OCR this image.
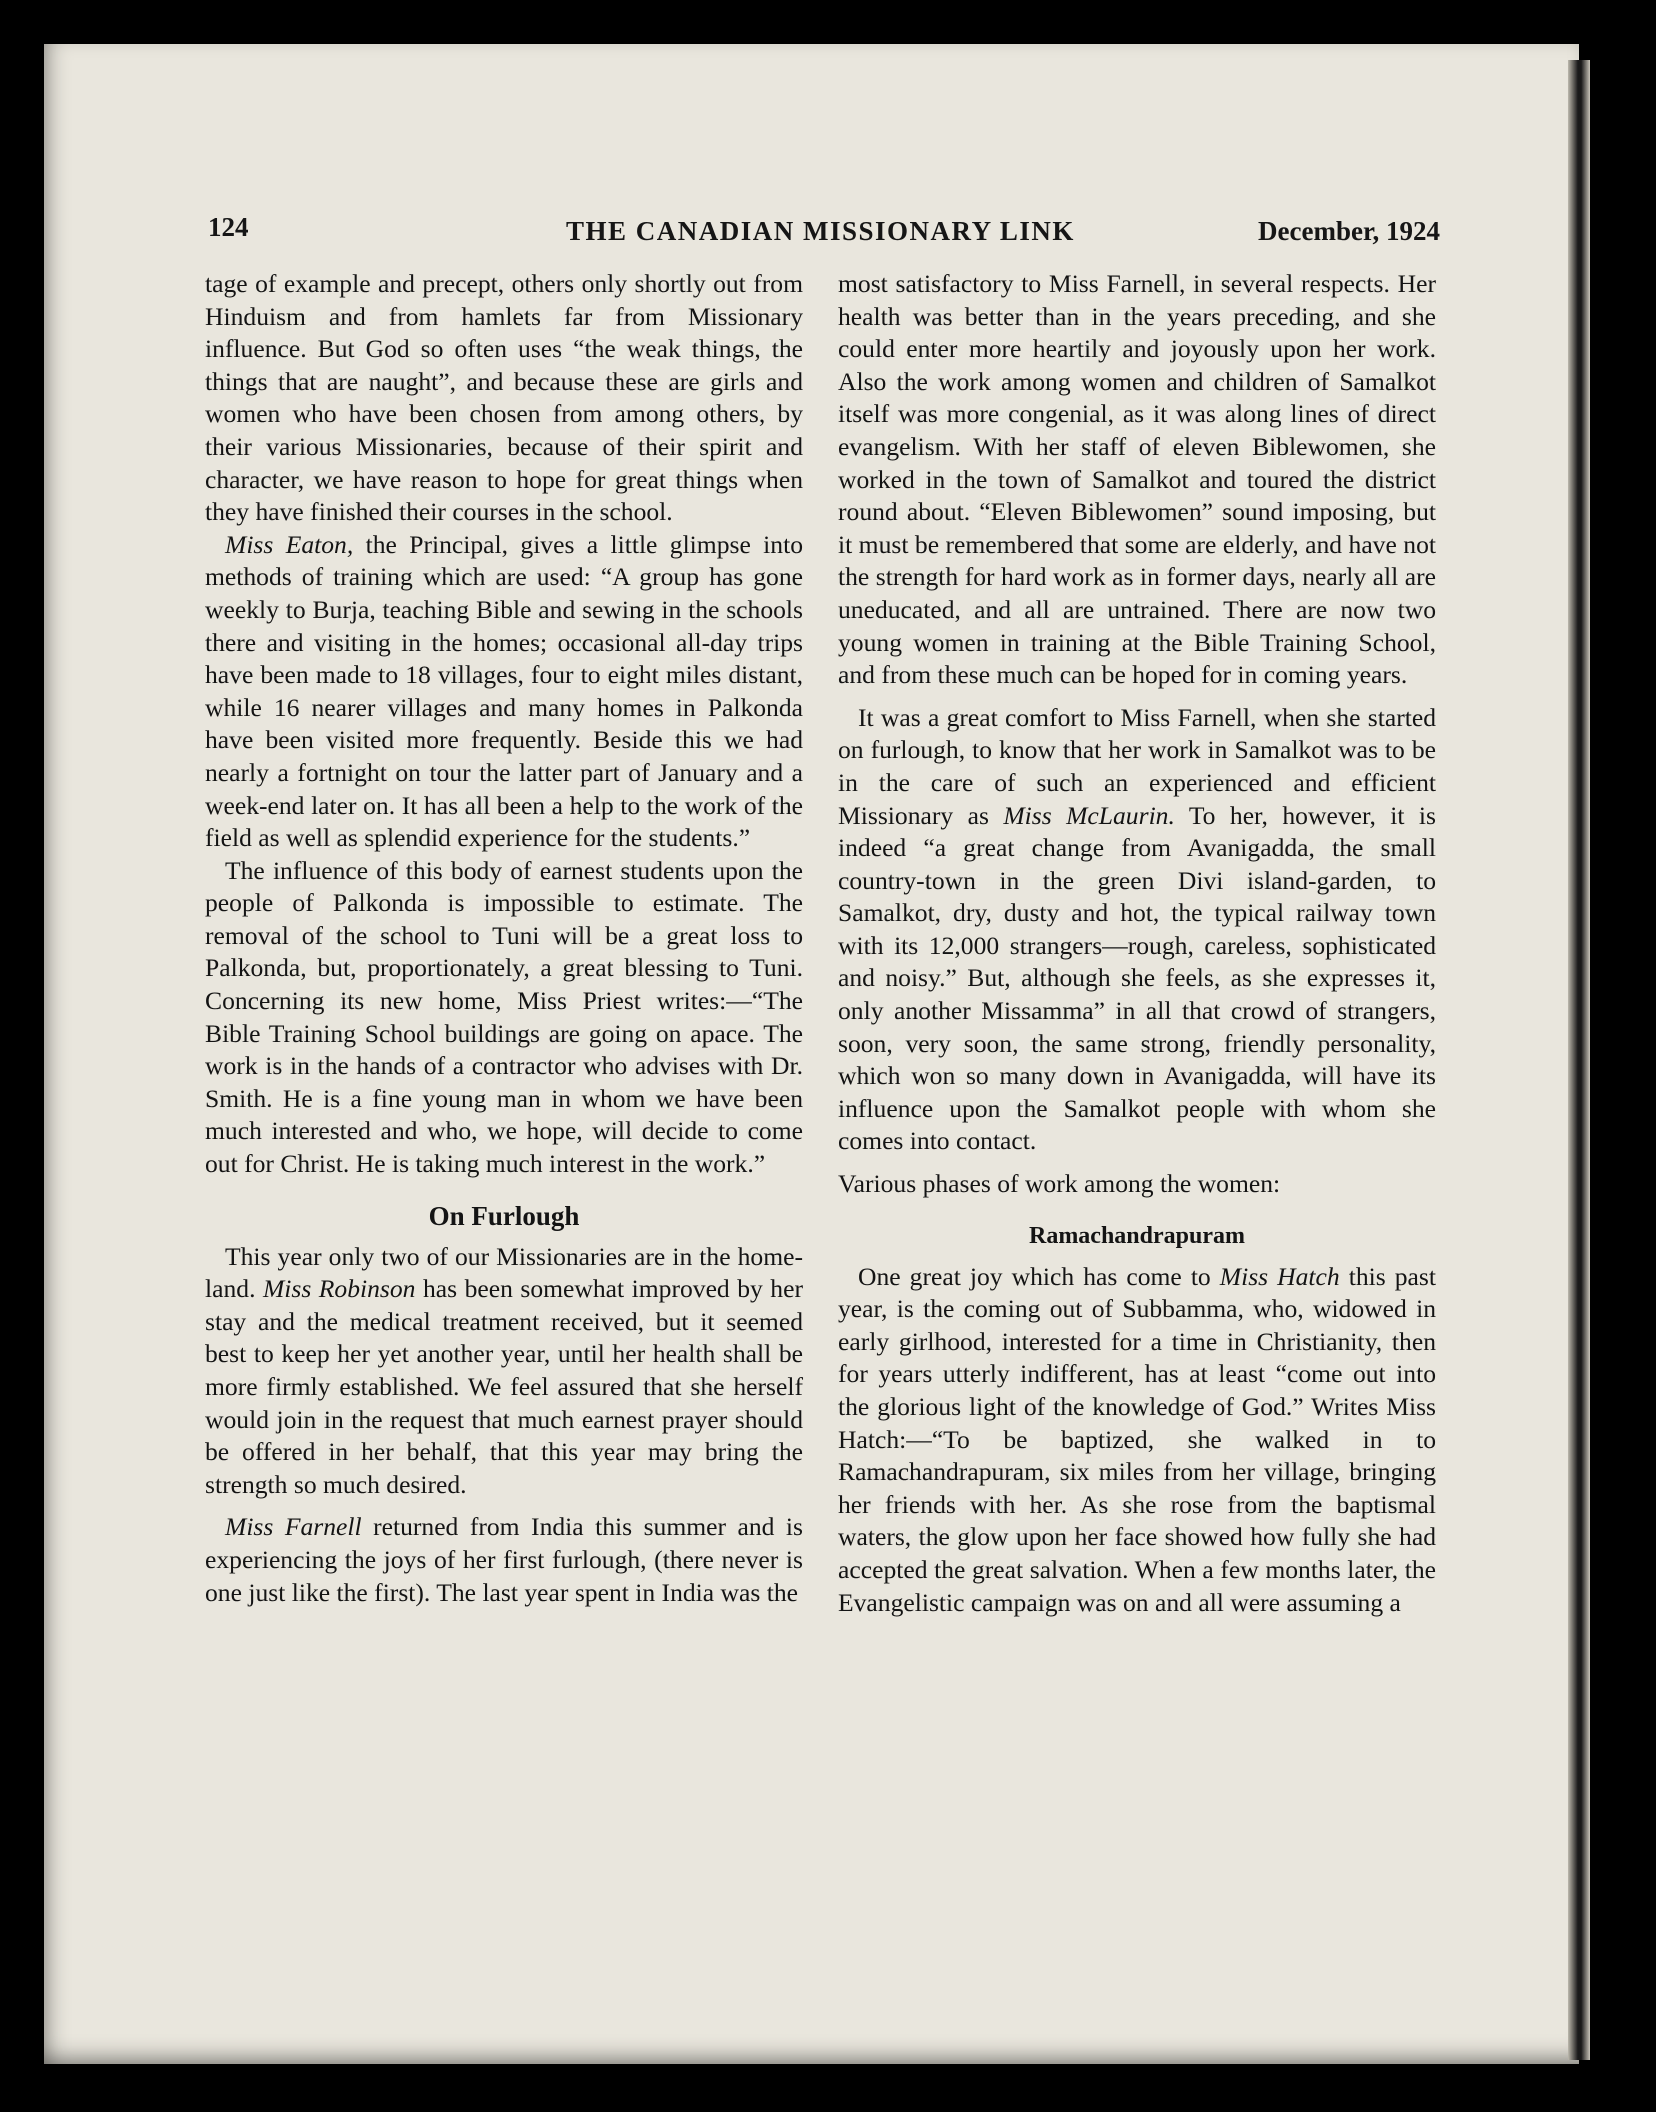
124	THE CANADIAN MISSIONARY LINK	December, 1924

tage of example and precept, others only shortly out from Hinduism and from hamlets far from Missionary influence. But God so often uses “the weak things, the things that are naught”, and because these are girls and women who have been chosen from among others, by their various Missionaries, because of their spirit and character, we have reason to hope for great things when they have finished their courses in the school.

Miss Eaton, the Principal, gives a little glimpse into methods of training which are used: “A group has gone weekly to Burja, teaching Bible and sewing in the schools there and visiting in the homes; occasional all-day trips have been made to 18 villages, four to eight miles distant, while 16 nearer villages and many homes in Palkonda have been visited more frequently. Beside this we had nearly a fortnight on tour the latter part of January and a week-end later on. It has all been a help to the work of the field as well as splendid experience for the students.”

The influence of this body of earnest students upon the people of Palkonda is impossible to estimate. The removal of the school to Tuni will be a great loss to Palkonda, but, proportionately, a great blessing to Tuni. Concerning its new home, Miss Priest writes:—“The Bible Training School buildings are going on apace. The work is in the hands of a contractor who advises with Dr. Smith. He is a fine young man in whom we have been much interested and who, we hope, will decide to come out for Christ. He is taking much interest in the work.”

On Furlough

This year only two of our Missionaries are in the home-land. Miss Robinson has been somewhat improved by her stay and the medical treatment received, but it seemed best to keep her yet another year, until her health shall be more firmly established. We feel assured that she herself would join in the request that much earnest prayer should be offered in her behalf, that this year may bring the strength so much desired.

Miss Farnell returned from India this summer and is experiencing the joys of her first furlough, (there never is one just like the first). The last year spent in India was the

most satisfactory to Miss Farnell, in several respects. Her health was better than in the years preceding, and she could enter more heartily and joyously upon her work. Also the work among women and children of Samalkot itself was more congenial, as it was along lines of direct evangelism. With her staff of eleven Biblewomen, she worked in the town of Samalkot and toured the district round about. “Eleven Biblewomen” sound imposing, but it must be remembered that some are elderly, and have not the strength for hard work as in former days, nearly all are uneducated, and all are untrained. There are now two young women in training at the Bible Training School, and from these much can be hoped for in coming years.

It was a great comfort to Miss Farnell, when she started on furlough, to know that her work in Samalkot was to be in the care of such an experienced and efficient Missionary as Miss McLaurin. To her, however, it is indeed “a great change from Avanigadda, the small country-town in the green Divi island-garden, to Samalkot, dry, dusty and hot, the typical railway town with its 12,000 strangers—rough, careless, sophisticated and noisy.” But, although she feels, as she expresses it, only another Missamma” in all that crowd of strangers, soon, very soon, the same strong, friendly personality, which won so many down in Avanigadda, will have its influence upon the Samalkot people with whom she comes into contact.

Various phases of work among the women:

Ramachandrapuram

One great joy which has come to Miss Hatch this past year, is the coming out of Subbamma, who, widowed in early girlhood, interested for a time in Christianity, then for years utterly indifferent, has at least “come out into the glorious light of the knowledge of God.” Writes Miss Hatch:—“To be baptized, she walked in to Ramachandrapuram, six miles from her village, bringing her friends with her. As she rose from the baptismal waters, the glow upon her face showed how fully she had accepted the great salvation. When a few months later, the Evangelistic campaign was on and all were assuming a
